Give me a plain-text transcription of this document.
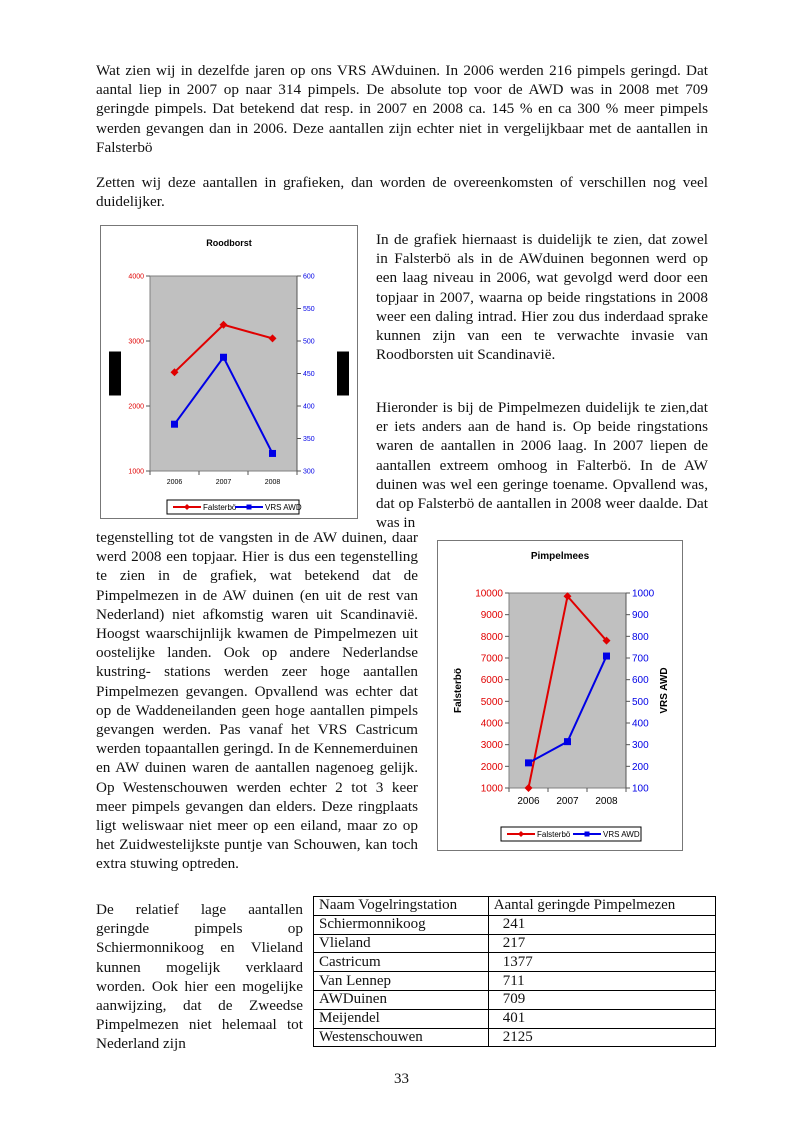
Wat zien wij in dezelfde jaren op ons VRS AWduinen. In 2006 werden 216 pimpels geringd. Dat aantal liep in 2007 op naar 314 pimpels. De absolute top voor de AWD was in 2008 met 709 geringde pimpels. Dat betekend dat resp. in 2007 en 2008 ca. 145 % en ca 300 % meer pimpels werden gevangen dan in 2006. Deze aantallen zijn echter niet in vergelijkbaar met de aantallen in Falsterbö

Zetten wij deze aantallen in grafieken, dan worden de overeenkomsten of verschillen nog veel duidelijker.

Roodborst
1000
2000
3000
4000
300
350
400
450
500
550
600
2006	2007	2008
Falsterbö	VRS AWD

In de grafiek hiernaast is duidelijk te zien, dat zowel in Falsterbö als in de AWduinen begonnen werd op een laag niveau in 2006, wat gevolgd werd door een topjaar in 2007, waarna op beide ringstations in 2008 weer een daling intrad. Hier zou dus inderdaad sprake kunnen zijn van een te verwachte invasie van Roodborsten uit Scandinavië.

Hieronder is bij de Pimpelmezen duidelijk te zien,dat er iets anders aan de hand is. Op beide ringstations waren de aantallen in 2006 laag. In 2007 liepen de aantallen extreem omhoog in Falterbö. In de AW duinen was wel een geringe toename. Opvallend was, dat op Falsterbö de aantallen in 2008 weer daalde. Dat was in

tegenstelling tot de vangsten in de AW duinen, daar werd 2008 een topjaar. Hier is dus een tegenstelling te zien in de grafiek, wat betekend dat de Pimpelmezen in de AW duinen (en uit de rest van Nederland) niet afkomstig waren uit Scandinavië. Hoogst waarschijnlijk kwamen de Pimpelmezen uit oostelijke landen. Ook op andere Nederlandse kustring- stations werden zeer hoge aantallen Pimpelmezen gevangen. Opvallend was echter dat op de Waddeneilanden geen hoge aantallen pimpels gevangen werden. Pas vanaf het VRS Castricum werden topaantallen geringd. In de Kennemerduinen en AW duinen waren de aantallen nagenoeg gelijk. Op Westenschouwen werden echter 2 tot 3 keer meer pimpels gevangen dan elders. Deze ringplaats ligt weliswaar niet meer op een eiland, maar zo op het Zuidwestelijkste puntje van Schouwen, kan toch extra stuwing optreden.

Pimpelmees
1000
2000
3000
4000
5000
6000
7000
8000
9000
10000
100
200
300
400
500
600
700
800
900
1000
2006 2007 2008
Falsterbö	VRS AWD
Falsterbö	VRS AWD

De relatief lage aantallen geringde pimpels op Schiermonnikoog en Vlieland kunnen mogelijk verklaard worden. Ook hier een mogelijke aanwijzing, dat de Zweedse Pimpelmezen niet helemaal tot Nederland zijn

Naam Vogelringstation	Aantal geringde Pimpelmezen
Schiermonnikoog	241
Vlieland	217
Castricum	1377
Van Lennep	711
AWDuinen	709
Meijendel	401
Westenschouwen	2125
33
